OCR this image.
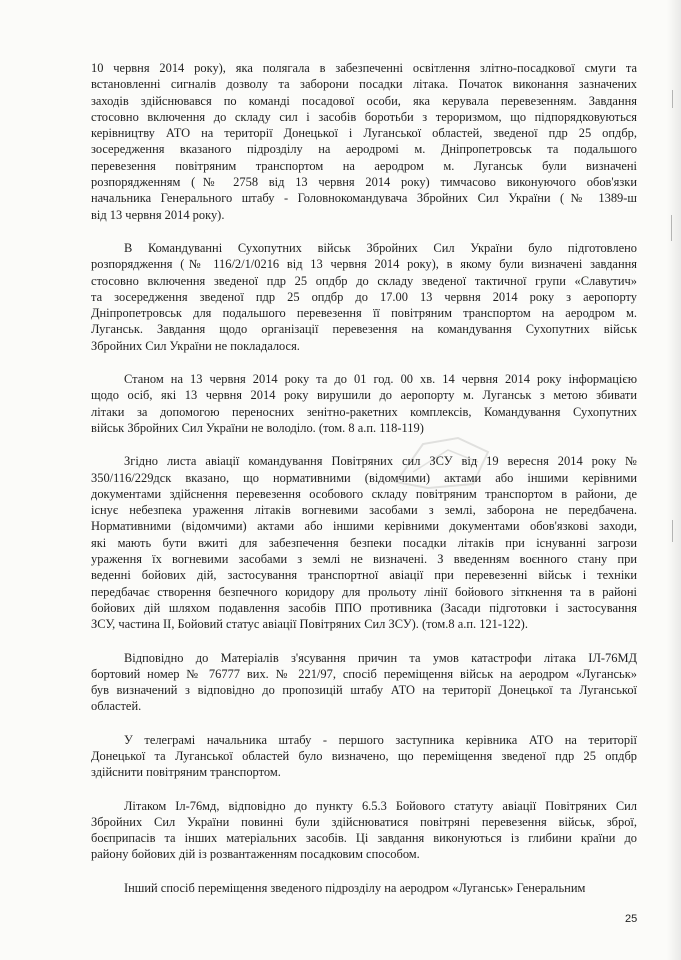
10 червня 2014 року), яка полягала в забезпеченні освітлення злітно-посадкової смуги та
встановленні сигналів дозволу та заборони посадки літака. Початок виконання зазначених
заходів здійснювався по команді посадової особи, яка керувала перевезенням. Завдання
стосовно включення до складу сил і засобів боротьби з тероризмом, що підпорядковуються
керівництву АТО на території Донецької і Луганської областей, зведеної пдр 25 опдбр,
зосередження вказаного підрозділу на аеродромі м. Дніпропетровськ та подальшого
перевезення повітряним транспортом на аеродром м. Луганськ були визначені
розпорядженням (№ 2758 від 13 червня 2014 року) тимчасово виконуючого обов'язки
начальника Генерального штабу - Головнокомандувача Збройних Сил України (№ 1389-ш
від 13 червня 2014 року).

В Командуванні Сухопутних військ Збройних Сил України було підготовлено
розпорядження (№ 116/2/1/0216 від 13 червня 2014 року), в якому були визначені завдання
стосовно включення зведеної пдр 25 опдбр до складу зведеної тактичної групи «Славутич»
та зосередження зведеної пдр 25 опдбр до 17.00 13 червня 2014 року з аеропорту
Дніпропетровськ для подальшого перевезення її повітряним транспортом на аеродром м.
Луганськ. Завдання щодо організації перевезення на командування Сухопутних військ
Збройних Сил України не покладалося.

Станом на 13 червня 2014 року та до 01 год. 00 хв. 14 червня 2014 року інформацією
щодо осіб, які 13 червня 2014 року вирушили до аеропорту м. Луганськ з метою збивати
літаки за допомогою переносних зенітно-ракетних комплексів, Командування Сухопутних
військ Збройних Сил України не володіло. (том. 8 а.п. 118-119)

Згідно листа авіації командування Повітряних сил ЗСУ від 19 вересня 2014 року №
350/116/229дск вказано, що нормативними (відомчими) актами або іншими керівними
документами здійснення перевезення особового складу повітряним транспортом в райони, де
існує небезпека ураження літаків вогневими засобами з землі, заборона не передбачена.
Нормативними (відомчими) актами або іншими керівними документами обов'язкові заходи,
які мають бути вжиті для забезпечення безпеки посадки літаків при існуванні загрози
ураження їх вогневими засобами з землі не визначені. З введенням воєнного стану при
веденні бойових дій, застосування транспортної авіації при перевезенні військ і техніки
передбачає створення безпечного коридору для прольоту лінії бойового зіткнення та в районі
бойових дій шляхом подавлення засобів ППО противника (Засади підготовки і застосування
ЗСУ, частина ІІ, Бойовий статус авіації Повітряних Сил ЗСУ). (том.8 а.п. 121-122).

Відповідно до Матеріалів з'ясування причин та умов катастрофи літака ІЛ-76МД
бортовий номер № 76777 вих. № 221/97, спосіб переміщення військ на аеродром «Луганськ»
був визначений з відповідно до пропозицій штабу АТО на території Донецької та Луганської
областей.

У телеграмі начальника штабу - першого заступника керівника АТО на території
Донецької та Луганської областей було визначено, що переміщення зведеної пдр 25 опдбр
здійснити повітряним транспортом.

Літаком Іл-76мд, відповідно до пункту 6.5.3 Бойового статуту авіації Повітряних Сил
Збройних Сил України повинні були здійснюватися повітряні перевезення військ, зброї,
боєприпасів та інших матеріальних засобів. Ці завдання виконуються із глибини країни до
району бойових дій із розвантаженням посадковим способом.

Інший спосіб переміщення зведеного підрозділу на аеродром «Луганськ» Генеральним

25
